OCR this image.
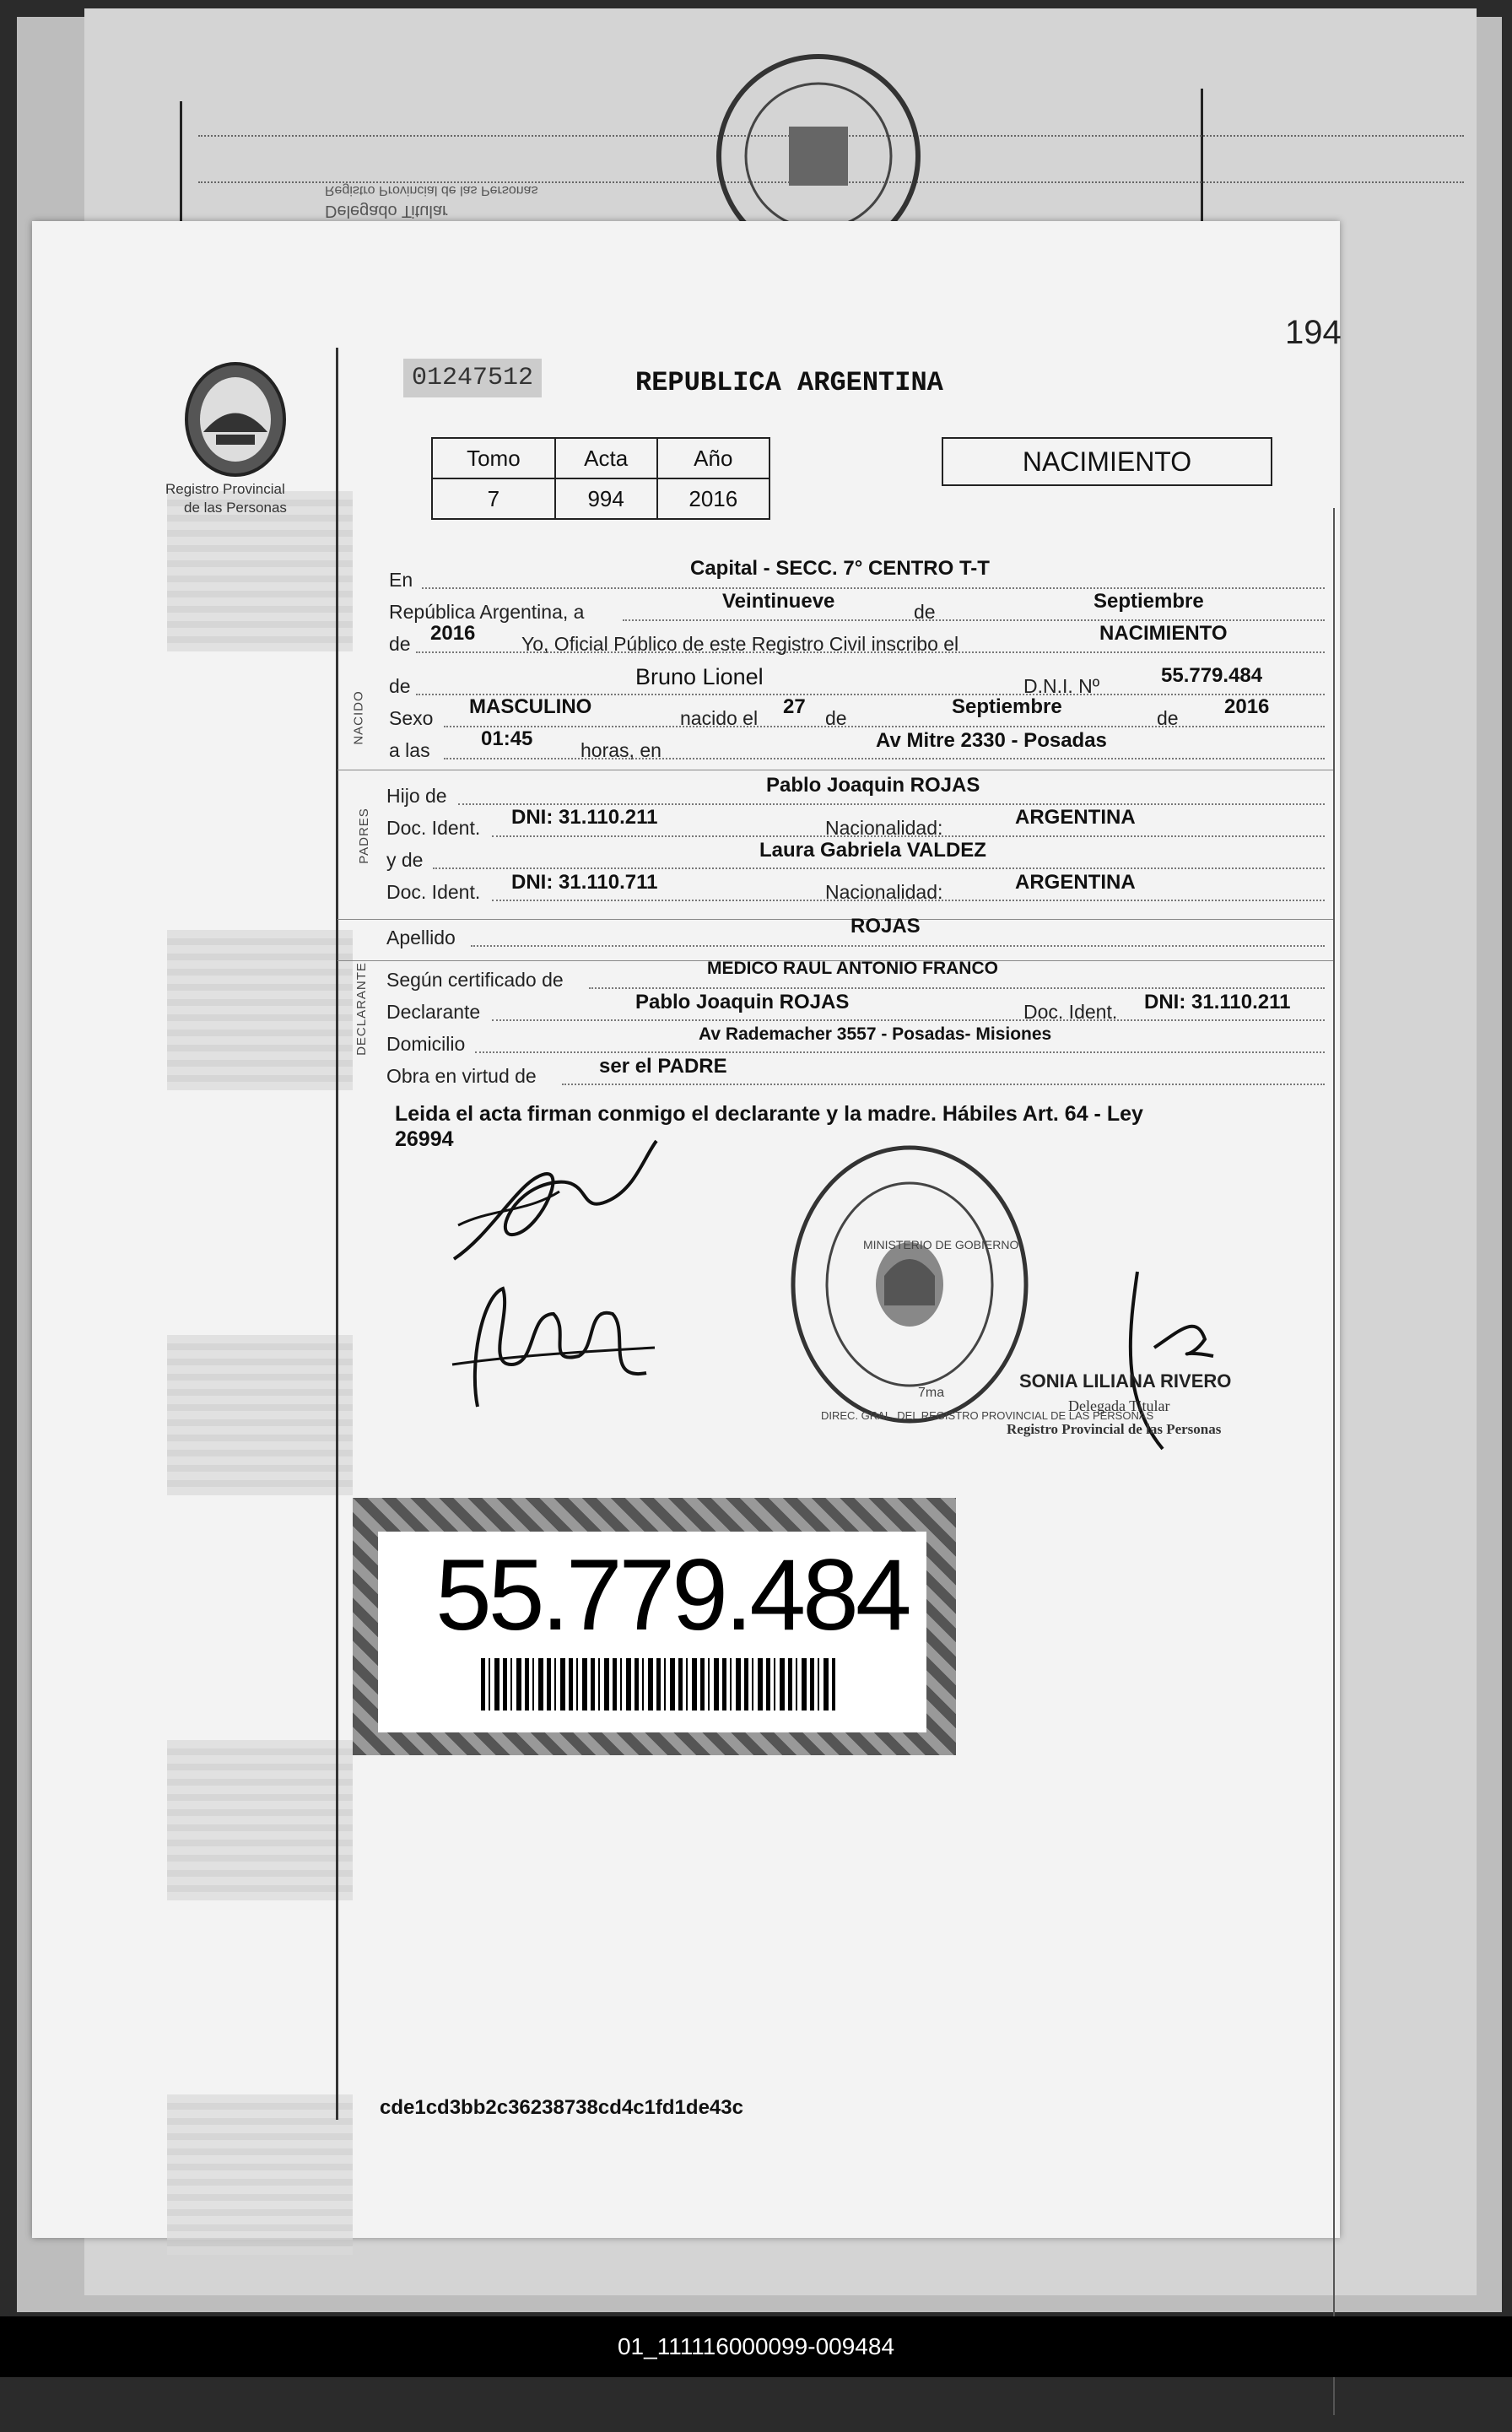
Delegado Titular
Registro Provincial de las Personas
Registro Provincial
de las Personas
01247512	REPUBLICA ARGENTINA
194
Tomo	Acta	Año
7	994	2016
NACIMIENTO
NACIDO
PADRES
DECLARANTE
En	Capital - SECC. 7° CENTRO T-T
República Argentina, a	Veintinueve	de	Septiembre
de 2016 Yo, Oficial Público de este Registro Civil inscribo el	NACIMIENTO
de	Bruno Lionel	D.N.I. Nº	55.779.484
Sexo MASCULINO	nacido el 27 de	Septiembre	de 2016
a las	01:45 horas, en	Av Mitre 2330 - Posadas
Hijo de	Pablo Joaquin ROJAS
Doc. Ident. DNI: 31.110.211	Nacionalidad:	ARGENTINA
y de	Laura Gabriela VALDEZ
Doc. Ident. DNI: 31.110.711	Nacionalidad:	ARGENTINA
Apellido	ROJAS
Según certificado de
MEDICO RAUL ANTONIO FRANCO
Declarante	Pablo Joaquin ROJAS	Doc. Ident. DNI: 31.110.211
Domicilio	Av Rademacher 3557 - Posadas- Misiones
Obra en virtud de	ser el PADRE
Leida el acta firman conmigo el declarante y la madre. Hábiles Art. 64 - Ley
26994
DIREC. GRAL. DEL REGISTRO PROVINCIAL DE LAS PERSONAS
MINISTERIO DE GOBIERNO
7ma
SONIA LILIANA RIVERO
Delegada Titular
Registro Provincial de las Personas
cde1cd3bb2c36238738cd4c1fd1de43c
55.779.484
01_111116000099-009484
